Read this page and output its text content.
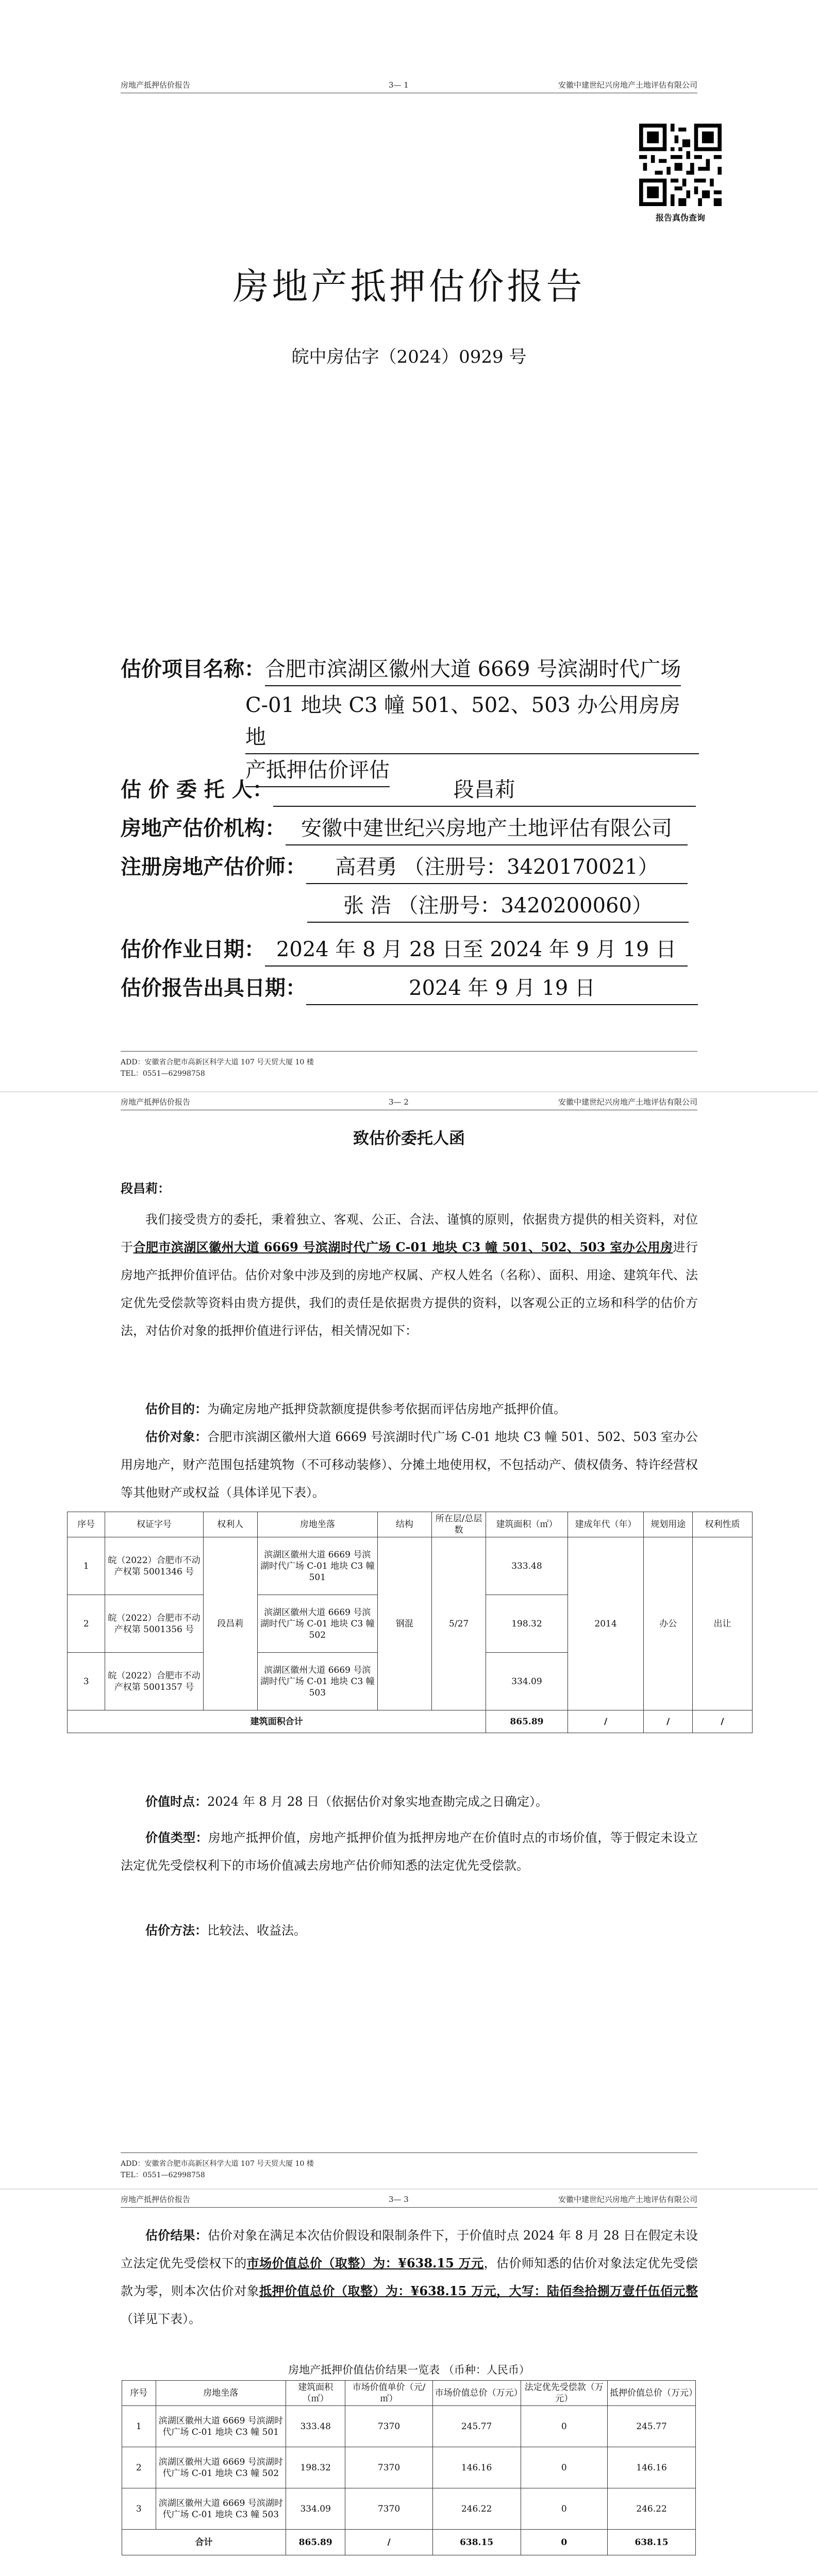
房地产抵押估价报告	3— 1	安徽中建世纪兴房地产土地评估有限公司
报告真伪查询
房地产抵押估价报告
皖中房估字（2024）0929 号
估价项目名称：合肥市滨湖区徽州大道 6669 号滨湖时代广场
C-01 地块 C3 幢 501、502、503 办公用房房地
产抵押估价评估
估 价 委 托 人：	段昌莉
房地产估价机构： 安徽中建世纪兴房地产土地评估有限公司
注册房地产估价师： 高君勇 （注册号：3420170021）
张 浩 （注册号：3420200060）
估价作业日期： 2024 年 8 月 28 日至 2024 年 9 月 19 日
估价报告出具日期：	2024 年 9 月 19 日
ADD：安徽省合肥市高新区科学大道 107 号天贸大厦 10 楼
TEL：0551—62998758
房地产抵押估价报告	3— 2	安徽中建世纪兴房地产土地评估有限公司
致估价委托人函
段昌莉：
我们接受贵方的委托，秉着独立、客观、公正、合法、谨慎的原则，依据贵方提供的相关资料，对位于合肥市滨湖区徽州大道 6669 号滨湖时代广场 C-01 地块 C3 幢 501、502、503 室办公用房进行房地产抵押价值评估。估价对象中涉及到的房地产权属、产权人姓名（名称）、面积、用途、建筑年代、法定优先受偿款等资料由贵方提供，我们的责任是依据贵方提供的资料，以客观公正的立场和科学的估价方法，对估价对象的抵押价值进行评估，相关情况如下：
估价目的：为确定房地产抵押贷款额度提供参考依据而评估房地产抵押价值。
估价对象：合肥市滨湖区徽州大道 6669 号滨湖时代广场 C-01 地块 C3 幢 501、502、503 室办公用房地产，财产范围包括建筑物（不可移动装修）、分摊土地使用权，不包括动产、债权债务、特许经营权等其他财产或权益（具体详见下表）。
序号	权证字号	权利人	房地坐落	结构	所在层/总层数	建筑面积（㎡）	建成年代（年）	规划用途	权利性质
1	皖（2022）合肥市不动产权第 5001346 号	段昌莉	滨湖区徽州大道 6669 号滨湖时代广场 C-01 地块 C3 幢 501	钢混	5/27	333.48	2014	办公	出让
2	皖（2022）合肥市不动产权第 5001356 号		滨湖区徽州大道 6669 号滨湖时代广场 C-01 地块 C3 幢 502			198.32			
3	皖（2022）合肥市不动产权第 5001357 号		滨湖区徽州大道 6669 号滨湖时代广场 C-01 地块 C3 幢 503			334.09			
建筑面积合计						865.89	/	/	/
价值时点：2024 年 8 月 28 日（依据估价对象实地查勘完成之日确定）。
价值类型：房地产抵押价值，房地产抵押价值为抵押房地产在价值时点的市场价值，等于假定未设立法定优先受偿权利下的市场价值减去房地产估价师知悉的法定优先受偿款。
估价方法：比较法、收益法。
ADD：安徽省合肥市高新区科学大道 107 号天贸大厦 10 楼
TEL：0551—62998758
房地产抵押估价报告	3— 3	安徽中建世纪兴房地产土地评估有限公司
估价结果：估价对象在满足本次估价假设和限制条件下，于价值时点 2024 年 8 月 28 日在假定未设立法定优先受偿权下的市场价值总价（取整）为：¥638.15 万元，估价师知悉的估价对象法定优先受偿款为零，则本次估价对象抵押价值总价（取整）为：¥638.15 万元，大写：陆佰叁拾捌万壹仟伍佰元整（详见下表）。
房地产抵押价值估价结果一览表 （币种：人民币）
序号	房地坐落	建筑面积（㎡）	市场价值单价（元/㎡）	市场价值总价（万元）	法定优先受偿款（万元）	抵押价值总价（万元）
1	滨湖区徽州大道 6669 号滨湖时代广场 C-01 地块 C3 幢 501	333.48	7370	245.77	0	245.77
2	滨湖区徽州大道 6669 号滨湖时代广场 C-01 地块 C3 幢 502	198.32	7370	146.16	0	146.16
3	滨湖区徽州大道 6669 号滨湖时代广场 C-01 地块 C3 幢 503	334.09	7370	246.22	0	246.22
合计		865.89	/	638.15	0	638.15
